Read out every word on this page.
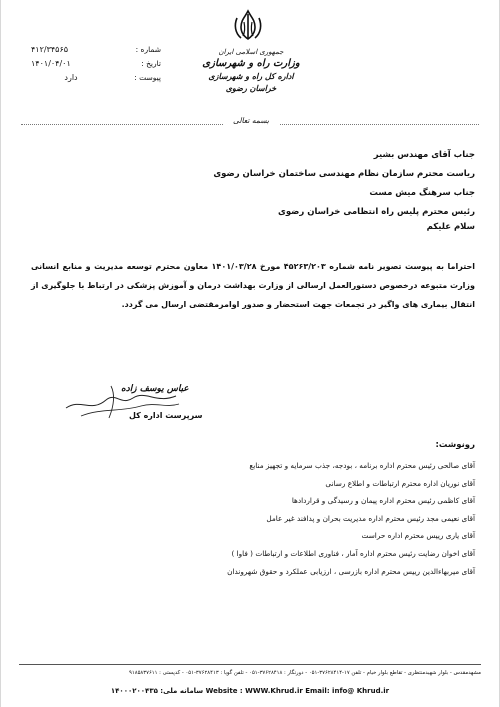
جمهوری اسلامی ایران
وزارت راه و شهرسازی
اداره کل راه و شهرسازی خراسان رضوی
شماره :
۴۱۲/۳۴۵۶۵
تاریخ :
۱۴۰۱/۰۴/۰۱
پیوست :
دارد
بسمه تعالی
جناب آقای مهندس بشیر
ریاست محترم سازمان نظام مهندسی ساختمان خراسان رضوی
جناب سرهنگ میش مست
رئیس محترم پلیس راه انتظامی خراسان رضوی
سلام علیکم
احتراما به پیوست تصویر نامه شماره ۴۵۲۶۳/۲۰۳ مورخ ۱۴۰۱/۰۳/۲۸ معاون محترم توسعه مدیریت و منابع انسانی وزارت متبوعه درخصوص دستورالعمل ارسالی از وزارت بهداشت درمان و آموزش پزشکی در ارتباط با جلوگیری از انتقال بیماری های واگیر در تجمعات جهت استحضار و صدور اوامرمقتضی ارسال می گردد.
عباس یوسف زاده
سرپرست اداره کل
رونوشت:
آقای صالحی رئیس محترم اداره برنامه ، بودجه، جذب سرمایه و تجهیز منابع
آقای نوریان اداره محترم ارتباطات و اطلاع رسانی
آقای کاظمی رئیس محترم اداره پیمان و رسیدگی و قراردادها
آقای نعیمی مجد رئیس محترم اداره مدیریت بحران و پدافند غیر عامل
آقای یاری رییس محترم اداره حراست
آقای اخوان رضایت رئیس محترم اداره آمار ، فناوری اطلاعات و ارتباطات ( فاوا )
آقای میربهاءالدین رییس محترم اداره بازرسی ، ارزیابی عملکرد و حقوق شهروندان
مشهدمقدس - بلوار شهیدمنتظری - تقاطع بلوار خیام - تلفن ۱۷-۳۷۶۲۸۴۱۴-۰۵۱ - دورنگار : ۳۷۶۲۸۴۱۸-۰۵۱ - تلفن گویا : ۳۷۶۲۸۴۱۳-۰۵۱ - کدپستی : ۹۱۸۵۸۳۷۶۱۱
Website : WWW.Khrud.ir Email: info@ Khrud.ir سامانه ملی: ۱۴۰۰۰۲۰۰۴۳۵
